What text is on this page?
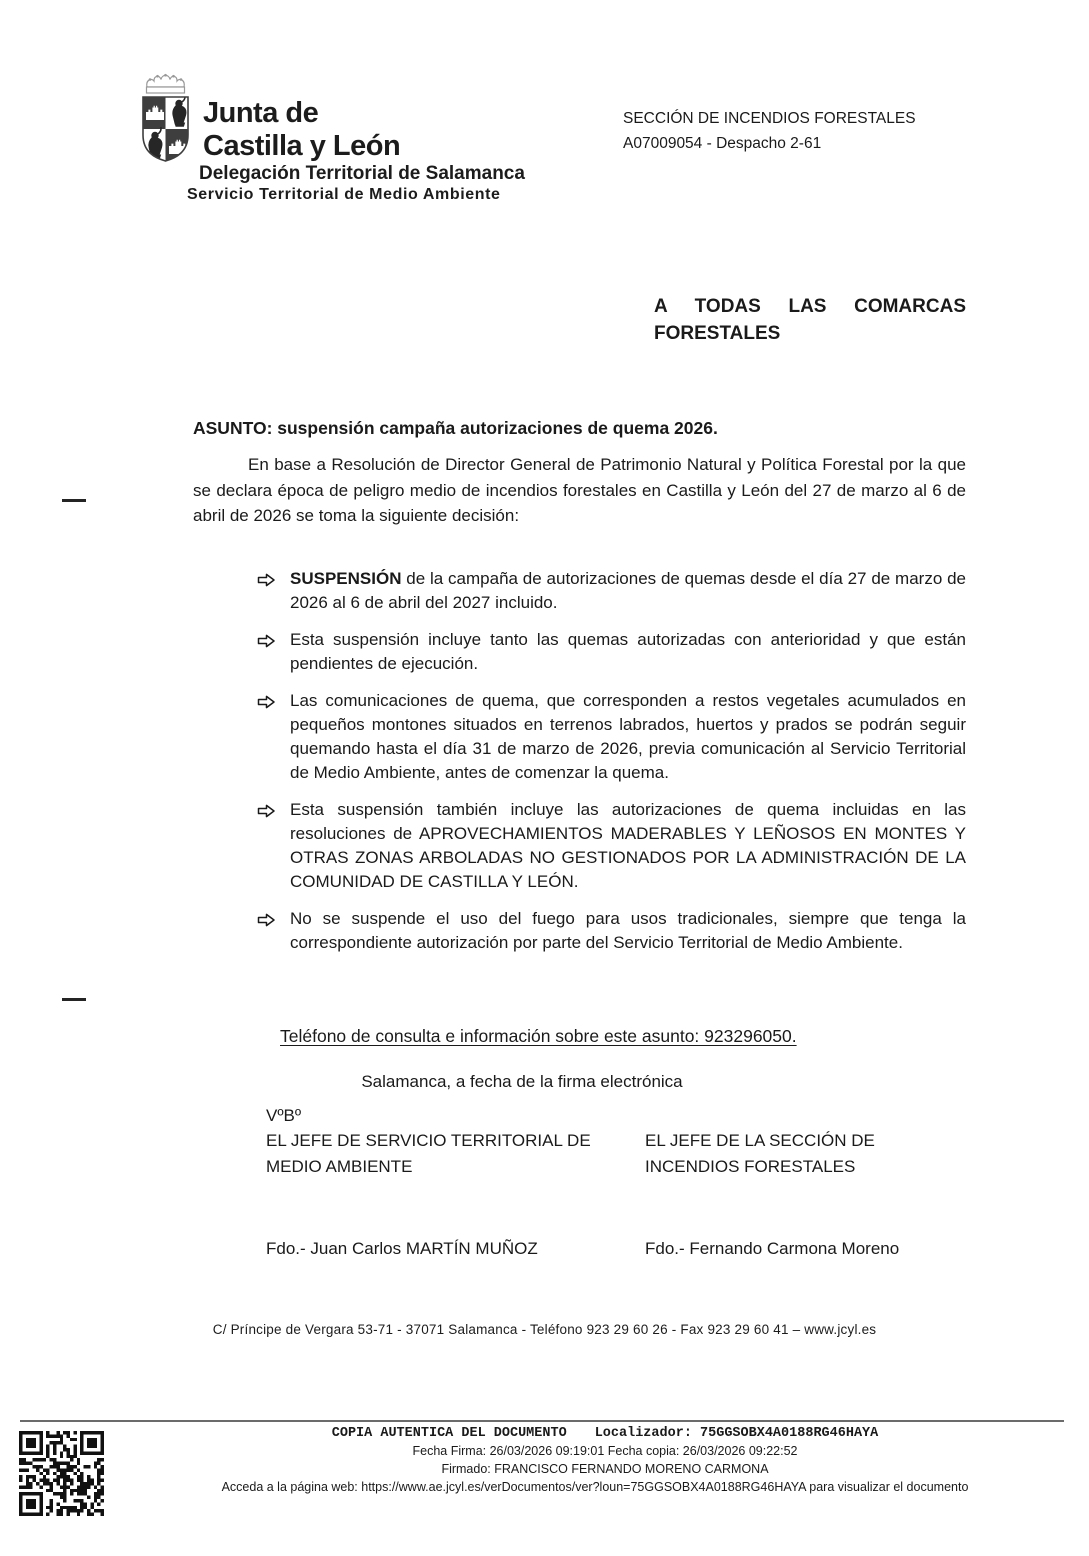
Junta de
Castilla y León
Delegación Territorial de Salamanca
Servicio Territorial de Medio Ambiente
SECCIÓN DE INCENDIOS FORESTALES
A07009054 - Despacho 2-61
A TODAS LAS COMARCAS
FORESTALES
ASUNTO: suspensión campaña autorizaciones de quema 2026.
En base a Resolución de Director General de Patrimonio Natural y Política Forestal por la que se declara época de peligro medio de incendios forestales en Castilla y León del 27 de marzo al 6 de abril de 2026 se toma la siguiente decisión:
SUSPENSIÓN de la campaña de autorizaciones de quemas desde el día 27 de marzo de 2026 al 6 de abril del 2027 incluido.
Esta suspensión incluye tanto las quemas autorizadas con anterioridad y que están pendientes de ejecución.
Las comunicaciones de quema, que corresponden a restos vegetales acumulados en pequeños montones situados en terrenos labrados, huertos y prados se podrán seguir quemando hasta el día 31 de marzo de 2026, previa comunicación al Servicio Territorial de Medio Ambiente, antes de comenzar la quema.
Esta suspensión también incluye las autorizaciones de quema incluidas en las resoluciones de APROVECHAMIENTOS MADERABLES Y LEÑOSOS EN MONTES Y OTRAS ZONAS ARBOLADAS NO GESTIONADOS POR LA ADMINISTRACIÓN DE LA COMUNIDAD DE CASTILLA Y LEÓN.
No se suspende el uso del fuego para usos tradicionales, siempre que tenga la correspondiente autorización por parte del Servicio Territorial de Medio Ambiente.
Teléfono de consulta e información sobre este asunto: 923296050.
Salamanca, a fecha de la firma electrónica
VºBº
EL JEFE DE SERVICIO TERRITORIAL DE MEDIO AMBIENTE
EL JEFE DE LA SECCIÓN DE INCENDIOS FORESTALES
Fdo.- Juan Carlos MARTÍN MUÑOZ	Fdo.- Fernando Carmona Moreno
C/ Príncipe de Vergara 53-71 - 37071 Salamanca - Teléfono 923 29 60 26 - Fax 923 29 60 41 – www.jcyl.es
COPIA AUTENTICA DEL DOCUMENTO Localizador: 75GGSOBX4A0188RG46HAYA
Fecha Firma: 26/03/2026 09:19:01 Fecha copia: 26/03/2026 09:22:52
Firmado: FRANCISCO FERNANDO MORENO CARMONA
Acceda a la página web: https://www.ae.jcyl.es/verDocumentos/ver?loun=75GGSOBX4A0188RG46HAYA para visualizar el documento
